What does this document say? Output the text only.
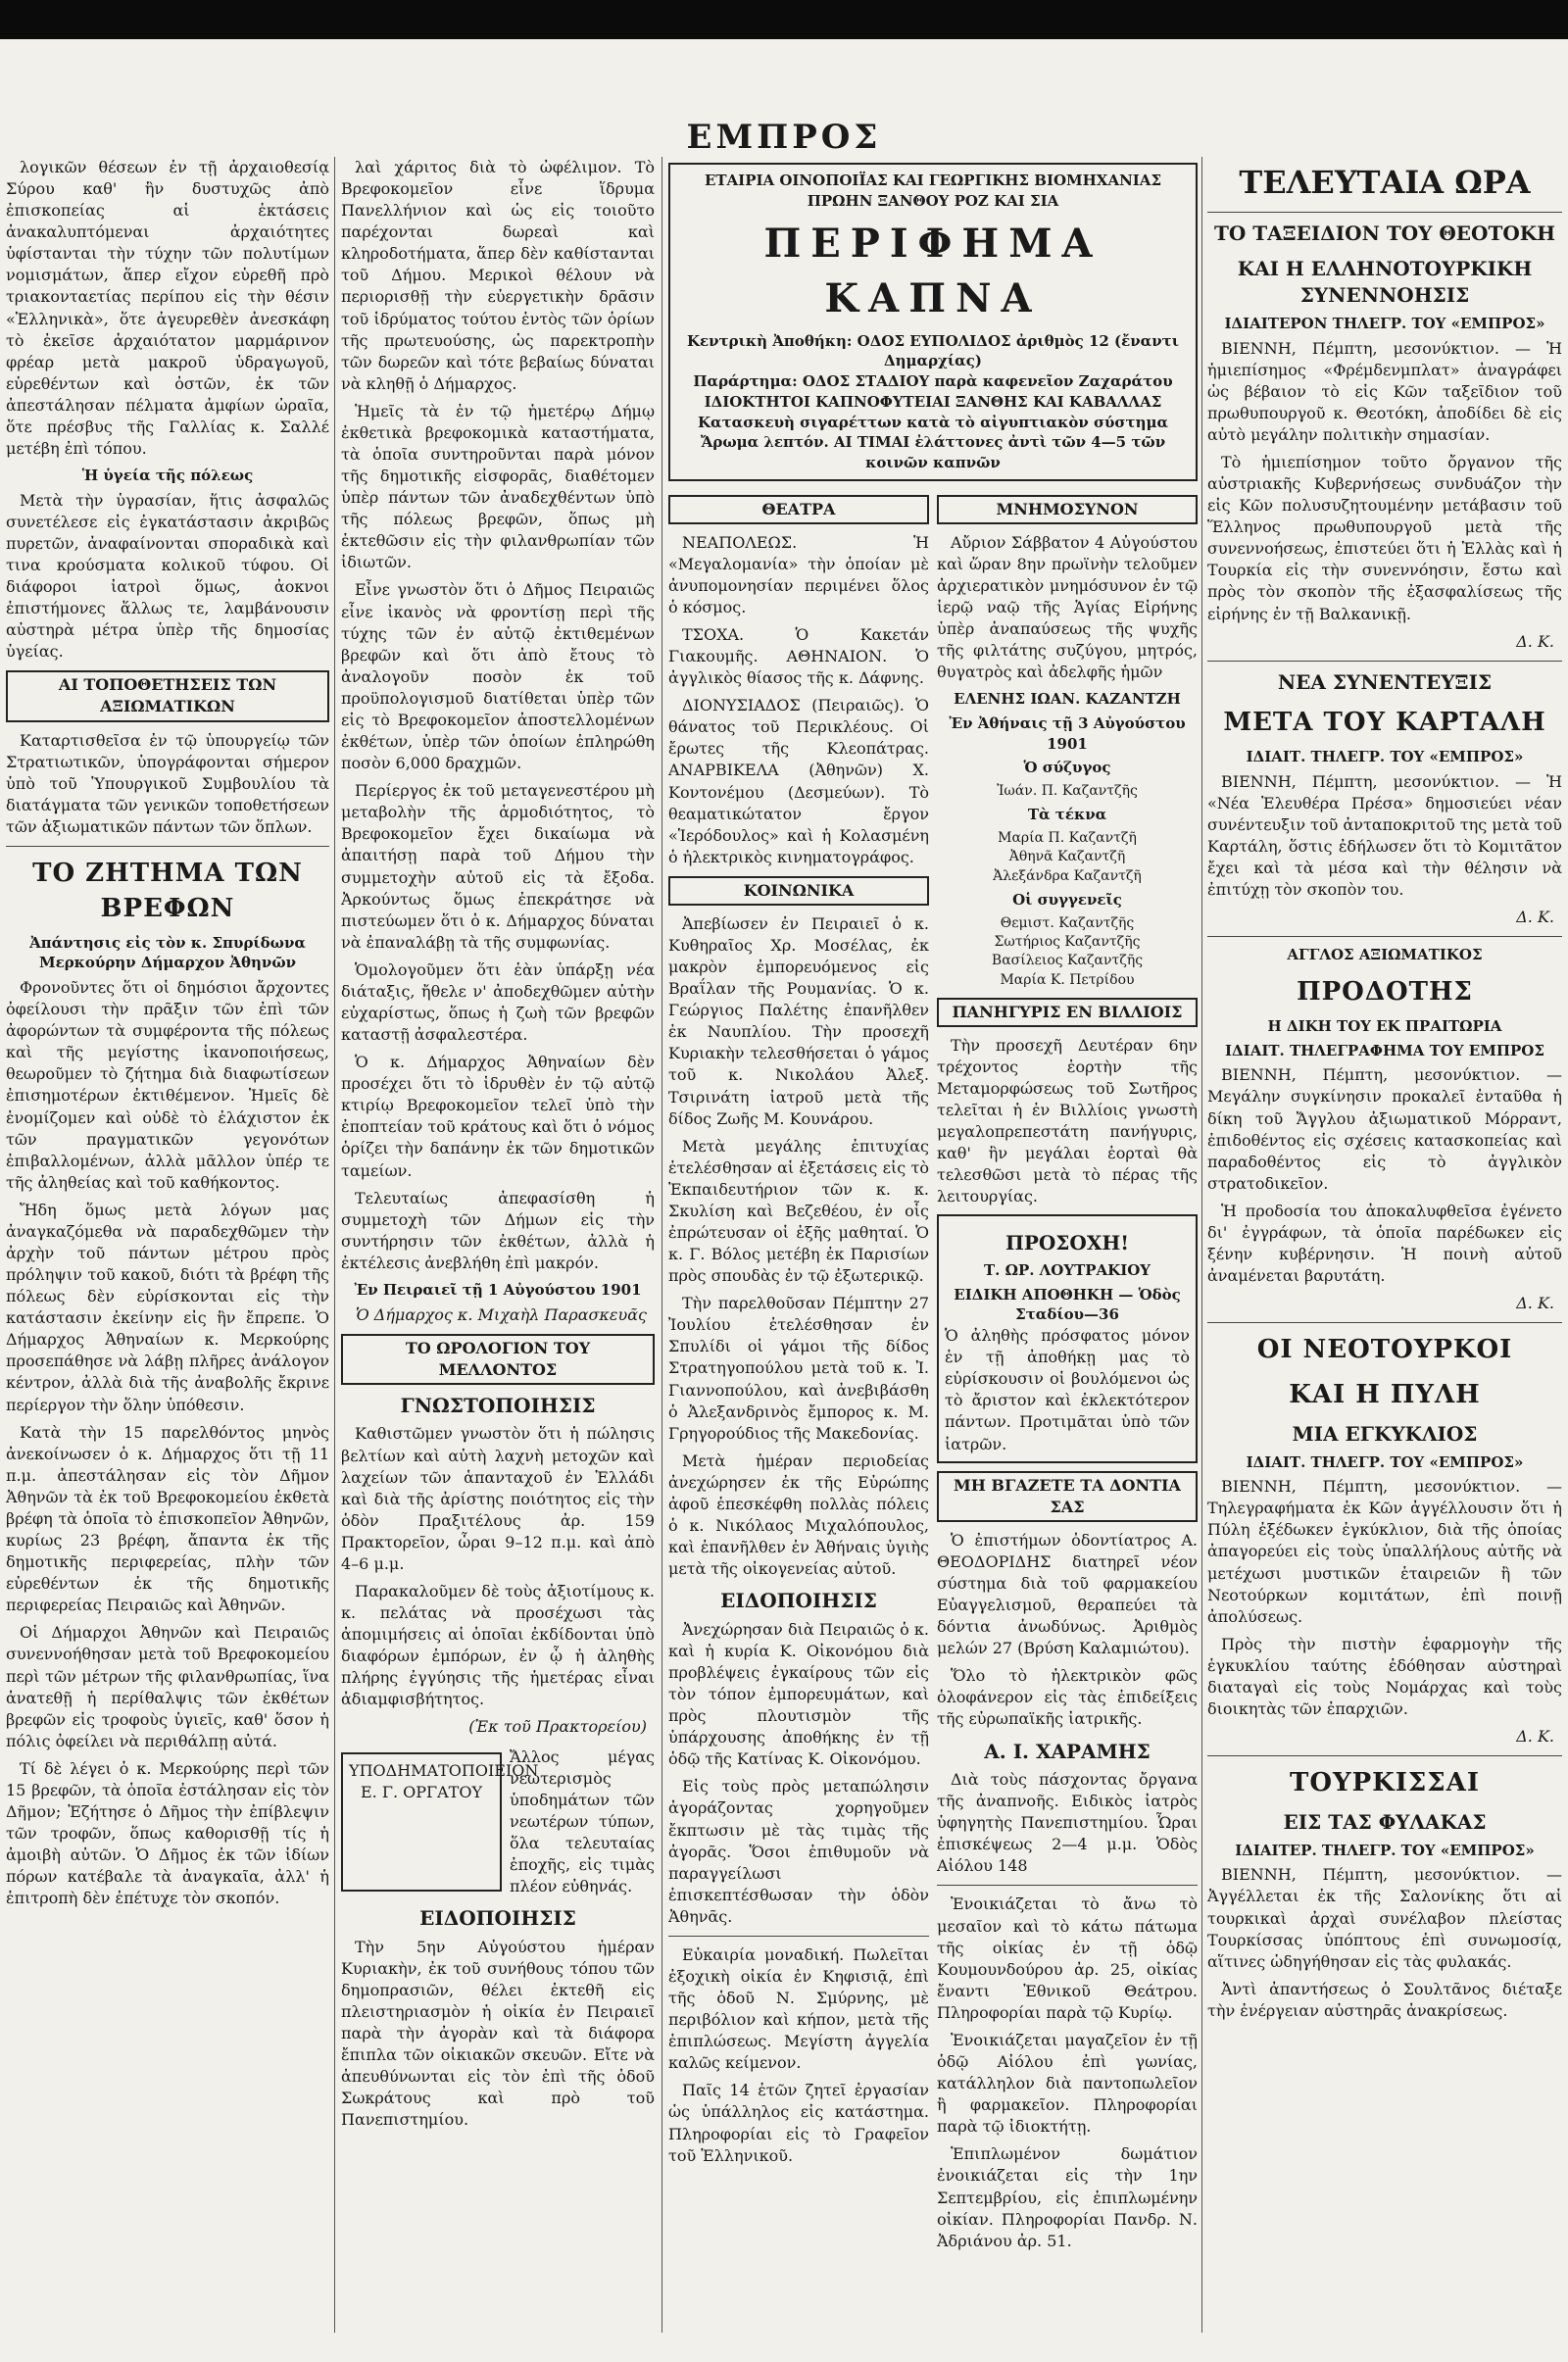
ΕΜΠΡΟΣ

λογικῶν θέσεων ἐν τῇ ἀρχαιοθεσίᾳ Σύρου καθ' ἣν δυστυχῶς ἀπὸ ἐπισκοπείας αἱ ἐκτάσεις ἀνακαλυπτόμεναι ἀρχαιότητες ὑφίστανται τὴν τύχην τῶν πολυτίμων νομισμάτων, ἅπερ εἴχον εὑρεθῆ πρὸ τριακονταετίας περίπου εἰς τὴν θέσιν «Ἑλληνικὰ», ὅτε ἀγευρεθὲν ἀνεσκάφη τὸ ἐκεῖσε ἀρχαιότατον μαρμάρινον φρέαρ μετὰ μακροῦ ὑδραγωγοῦ, εὑρεθέντων καὶ ὀστῶν, ἐκ τῶν ἀπεστάλησαν πέλματα ἀμφίων ὠραῖα, ὅτε πρέσβυς τῆς Γαλλίας κ. Σαλλέ μετέβη ἐπὶ τόπου.

Ἡ ὑγεία τῆς πόλεως

Μετὰ τὴν ὑγρασίαν, ἥτις ἀσφαλῶς συνετέλεσε εἰς ἐγκατάστασιν ἀκριβῶς πυρετῶν, ἀναφαίνονται σποραδικὰ καὶ τινα κρούσματα κολικοῦ τύφου. Οἱ διάφοροι ἰατροὶ ὅμως, ἀοκνοι ἐπιστήμονες ἅλλως τε, λαμβάνουσιν αὐστηρὰ μέτρα ὑπὲρ τῆς δημοσίας ὑγείας.

ΑΙ ΤΟΠΟΘΕΤΗΣΕΙΣ ΤΩΝ ΑΞΙΩΜΑΤΙΚΩΝ

Καταρτισθεῖσα ἐν τῷ ὑπουργείῳ τῶν Στρατιωτικῶν, ὑπογράφονται σήμερον ὑπὸ τοῦ Ὑπουργικοῦ Συμβουλίου τὰ διατάγματα τῶν γενικῶν τοποθετήσεων τῶν ἀξιωματικῶν πάντων τῶν ὅπλων.

ΤΟ ΖΗΤΗΜΑ ΤΩΝ ΒΡΕΦΩΝ
Ἀπάντησις εἰς τὸν κ. Σπυρίδωνα Μερκούρην Δήμαρχον Ἀθηνῶν

Φρονοῦντες ὅτι οἱ δημόσιοι ἄρχοντες ὀφείλουσι τὴν πρᾶξιν τῶν ἐπὶ τῶν ἀφορώντων τὰ συμφέροντα τῆς πόλεως καὶ τῆς μεγίστης ἱκανοποιήσεως, θεωροῦμεν τὸ ζήτημα διὰ διαφωτίσεων ἐπισημοτέρων ἐκτιθέμενον. Ἡμεῖς δὲ ἑνομίζομεν καὶ οὐδὲ τὸ ἐλάχιστον ἐκ τῶν πραγματικῶν γεγονότων ἐπιβαλλομένων, ἀλλὰ μᾶλλον ὑπέρ τε τῆς ἀληθείας καὶ τοῦ καθήκοντος.

Ἤδη ὅμως μετὰ λόγων μας ἀναγκαζόμεθα νὰ παραδεχθῶμεν τὴν ἀρχὴν τοῦ πάντων μέτρου πρὸς πρόληψιν τοῦ κακοῦ, διότι τὰ βρέφη τῆς πόλεως δὲν εὑρίσκονται εἰς τὴν κατάστασιν ἐκείνην εἰς ἣν ἔπρεπε. Ὁ Δήμαρχος Ἀθηναίων κ. Μερκούρης προσεπάθησε νὰ λάβῃ πλῆρες ἀνάλογον κέντρον, ἀλλὰ διὰ τῆς ἀναβολῆς ἔκρινε περίεργον τὴν ὅλην ὑπόθεσιν.

Κατὰ τὴν 15 παρελθόντος μηνὸς ἀνεκοίνωσεν ὁ κ. Δήμαρχος ὅτι τῇ 11 π.μ. ἀπεστάλησαν εἰς τὸν Δῆμον Ἀθηνῶν τὰ ἐκ τοῦ Βρεφοκομείου ἐκθετὰ βρέφη τὰ ὁποῖα τὸ ἐπισκοπεῖον Ἀθηνῶν, κυρίως 23 βρέφη, ἄπαντα ἐκ τῆς δημοτικῆς περιφερείας, πλὴν τῶν εὑρεθέντων ἐκ τῆς δημοτικῆς περιφερείας Πειραιῶς καὶ Ἀθηνῶν.

Οἱ Δήμαρχοι Ἀθηνῶν καὶ Πειραιῶς συνεννοήθησαν μετὰ τοῦ Βρεφοκομείου περὶ τῶν μέτρων τῆς φιλανθρωπίας, ἵνα ἀνατεθῇ ἡ περίθαλψις τῶν ἐκθέτων βρεφῶν εἰς τροφοὺς ὑγιεῖς, καθ' ὅσον ἡ πόλις ὀφείλει νὰ περιθάλπῃ αὐτά.

Τί δὲ λέγει ὁ κ. Μερκούρης περὶ τῶν 15 βρεφῶν, τὰ ὁποῖα ἐστάλησαν εἰς τὸν Δῆμον; Ἐζήτησε ὁ Δῆμος τὴν ἐπίβλεψιν τῶν τροφῶν, ὅπως καθορισθῇ τίς ἡ ἀμοιβὴ αὐτῶν. Ὁ Δῆμος ἐκ τῶν ἰδίων πόρων κατέβαλε τὰ ἀναγκαῖα, ἀλλ' ἡ ἐπιτροπὴ δὲν ἐπέτυχε τὸν σκοπόν.

λαὶ χάριτος διὰ τὸ ὠφέλιμον. Τὸ Βρεφοκομεῖον εἶνε ἵδρυμα Πανελλήνιον καὶ ὡς εἰς τοιοῦτο παρέχονται δωρεαὶ καὶ κληροδοτήματα, ἅπερ δὲν καθίστανται τοῦ Δήμου. Μερικοὶ θέλουν νὰ περιορισθῇ τὴν εὐεργετικὴν δρᾶσιν τοῦ ἱδρύματος τούτου ἐντὸς τῶν ὁρίων τῆς πρωτευούσης, ὡς παρεκτροπὴν τῶν δωρεῶν καὶ τότε βεβαίως δύναται νὰ κληθῇ ὁ Δήμαρχος.

Ἡμεῖς τὰ ἐν τῷ ἡμετέρῳ Δήμῳ ἐκθετικὰ βρεφοκομικὰ καταστήματα, τὰ ὁποῖα συντηροῦνται παρὰ μόνον τῆς δημοτικῆς εἰσφορᾶς, διαθέτομεν ὑπὲρ πάντων τῶν ἀναδεχθέντων ὑπὸ τῆς πόλεως βρεφῶν, ὅπως μὴ ἐκτεθῶσιν εἰς τὴν φιλανθρωπίαν τῶν ἰδιωτῶν.

Εἶνε γνωστὸν ὅτι ὁ Δῆμος Πειραιῶς εἶνε ἰκανὸς νὰ φροντίσῃ περὶ τῆς τύχης τῶν ἐν αὐτῷ ἐκτιθεμένων βρεφῶν καὶ ὅτι ἀπὸ ἔτους τὸ ἀναλογοῦν ποσὸν ἐκ τοῦ προϋπολογισμοῦ διατίθεται ὑπὲρ τῶν εἰς τὸ Βρεφοκομεῖον ἀποστελλομένων ἐκθέτων, ὑπὲρ τῶν ὁποίων ἐπληρώθη ποσὸν 6,000 δραχμῶν.

Περίεργος ἐκ τοῦ μεταγενεστέρου μὴ μεταβολὴν τῆς ἁρμοδιότητος, τὸ Βρεφοκομεῖον ἔχει δικαίωμα νὰ ἀπαιτήσῃ παρὰ τοῦ Δήμου τὴν συμμετοχὴν αὐτοῦ εἰς τὰ ἔξοδα. Ἀρκούντως ὅμως ἐπεκράτησε νὰ πιστεύωμεν ὅτι ὁ κ. Δήμαρχος δύναται νὰ ἐπαναλάβῃ τὰ τῆς συμφωνίας.

Ὁμολογοῦμεν ὅτι ἐὰν ὑπάρξῃ νέα διάταξις, ἤθελε ν' ἀποδεχθῶμεν αὐτὴν εὐχαρίστως, ὅπως ἡ ζωὴ τῶν βρεφῶν καταστῇ ἀσφαλεστέρα.

Ὁ κ. Δήμαρχος Ἀθηναίων δὲν προσέχει ὅτι τὸ ἱδρυθὲν ἐν τῷ αὐτῷ κτιρίῳ Βρεφοκομεῖον τελεῖ ὑπὸ τὴν ἐποπτείαν τοῦ κράτους καὶ ὅτι ὁ νόμος ὁρίζει τὴν δαπάνην ἐκ τῶν δημοτικῶν ταμείων.

Τελευταίως ἀπεφασίσθη ἡ συμμετοχὴ τῶν Δήμων εἰς τὴν συντήρησιν τῶν ἐκθέτων, ἀλλὰ ἡ ἐκτέλεσις ἀνεβλήθη ἐπὶ μακρόν.

Ἐν Πειραιεῖ τῇ 1 Αὐγούστου 1901
Ὁ Δήμαρχος κ. Μιχαὴλ Παρασκευᾶς
ΤΟ ΩΡΟΛΟΓΙΟΝ ΤΟΥ ΜΕΛΛΟΝΤΟΣ
ΓΝΩΣΤΟΠΟΙΗΣΙΣ

Καθιστῶμεν γνωστὸν ὅτι ἡ πώλησις βελτίων καὶ αὐτὴ λαχνὴ μετοχῶν καὶ λαχείων τῶν ἁπανταχοῦ ἐν Ἑλλάδι καὶ διὰ τῆς ἀρίστης ποιότητος εἰς τὴν ὁδὸν Πραξιτέλους ἀρ. 159 Πρακτορεῖον, ὧραι 9–12 π.μ. καὶ ἀπὸ 4–6 μ.μ.

Παρακαλοῦμεν δὲ τοὺς ἀξιοτίμους κ. κ. πελάτας νὰ προσέχωσι τὰς ἀπομιμήσεις αἱ ὁποῖαι ἐκδίδονται ὑπὸ διαφόρων ἐμπόρων, ἐν ᾧ ἡ ἀληθὴς πλήρης ἐγγύησις τῆς ἡμετέρας εἶναι ἀδιαμφισβήτητος.

(Ἐκ τοῦ Πρακτορείου)
ΥΠΟΔΗΜΑΤΟΠΟΙΕΙΟΝ Ε. Γ. ΟΡΓΑΤΟΥ
Ἄλλος μέγας νεωτερισμὸς ὑποδημάτων τῶν νεωτέρων τύπων, ὅλα τελευταίας ἐποχῆς, εἰς τιμὰς πλέον εὐθηνάς.
ΕΙΔΟΠΟΙΗΣΙΣ

Τὴν 5ην Αὐγούστου ἡμέραν Κυριακὴν, ἐκ τοῦ συνήθους τόπου τῶν δημοπρασιῶν, θέλει ἐκτεθῆ εἰς πλειστηριασμὸν ἡ οἰκία ἐν Πειραιεῖ παρὰ τὴν ἀγορὰν καὶ τὰ διάφορα ἔπιπλα τῶν οἰκιακῶν σκευῶν. Εἴτε νὰ ἀπευθύνωνται εἰς τὸν ἐπὶ τῆς ὁδοῦ Σωκράτους καὶ πρὸ τοῦ Πανεπιστημίου.

ΕΤΑΙΡΙΑ ΟΙΝΟΠΟΙΪΑΣ ΚΑΙ ΓΕΩΡΓΙΚΗΣ ΒΙΟΜΗΧΑΝΙΑΣ
ΠΡΩΗΝ ΞΑΝΘΟΥ ΡΟΖ ΚΑΙ ΣΙΑ
ΠΕΡΙΦΗΜΑ ΚΑΠΝΑ
Κεντρικὴ Ἀποθήκη: ΟΔΟΣ ΕΥΠΟΛΙΔΟΣ ἀριθμὸς 12 (ἔναντι Δημαρχίας)
Παράρτημα: ΟΔΟΣ ΣΤΑΔΙΟΥ παρὰ καφενεῖον Ζαχαράτου
ΙΔΙΟΚΤΗΤΟΙ ΚΑΠΝΟΦΥΤΕΙΑΙ ΞΑΝΘΗΣ ΚΑΙ ΚΑΒΑΛΛΑΣ
Κατασκευὴ σιγαρέττων κατὰ τὸ αἰγυπτιακὸν σύστημα
Ἄρωμα λεπτόν. ΑΙ ΤΙΜΑΙ ἐλάττονες ἀντὶ τῶν 4—5 τῶν κοινῶν καπνῶν
ΘΕΑΤΡΑ

ΝΕΑΠΟΛΕΩΣ. Ἡ «Μεγαλομανία» τὴν ὁποίαν μὲ ἀνυπομονησίαν περιμένει ὅλος ὁ κόσμος.

ΤΣΟΧΑ. Ὁ Κακετάν Γιακουμῆς. ΑΘΗΝΑΙΟΝ. Ὁ ἀγγλικὸς θίασος τῆς κ. Δάφνης.

ΔΙΟΝΥΣΙΑΔΟΣ (Πειραιῶς). Ὁ θάνατος τοῦ Περικλέους. Οἱ ἔρωτες τῆς Κλεοπάτρας. ΑΝΑΡΒΙΚΕΛΑ (Ἀθηνῶν) Χ. Κοντονέμου (Δεσμεύων). Τὸ θεαματικώτατον ἔργον «Ἱερόδουλος» καὶ ἡ Κολασμένη ὁ ἠλεκτρικὸς κινηματογράφος.

ΚΟΙΝΩΝΙΚΑ

Ἀπεβίωσεν ἐν Πειραιεῖ ὁ κ. Κυθηραῖος Χρ. Μοσέλας, ἐκ μακρὸν ἐμπορευόμενος εἰς Βραΐλαν τῆς Ρουμανίας. Ὁ κ. Γεώργιος Παλέτης ἐπανῆλθεν ἐκ Ναυπλίου. Τὴν προσεχῆ Κυριακὴν τελεσθήσεται ὁ γάμος τοῦ κ. Νικολάου Ἀλεξ. Τσιρινάτη ἰατροῦ μετὰ τῆς δίδος Ζωῆς Μ. Κουνάρου.

Μετὰ μεγάλης ἐπιτυχίας ἐτελέσθησαν αἱ ἐξετάσεις εἰς τὸ Ἐκπαιδευτήριον τῶν κ. κ. Σκυλίση καὶ Βεζεθέου, ἐν οἷς ἐπρώτευσαν οἱ ἑξῆς μαθηταί. Ὁ κ. Γ. Βόλος μετέβη ἐκ Παρισίων πρὸς σπουδὰς ἐν τῷ ἐξωτερικῷ.

Τὴν παρελθοῦσαν Πέμπτην 27 Ἰουλίου ἐτελέσθησαν ἐν Σπυλίδι οἱ γάμοι τῆς δίδος Στρατηγοπούλου μετὰ τοῦ κ. Ἰ. Γιαννοπούλου, καὶ ἀνεβιβάσθη ὁ Ἀλεξανδρινὸς ἔμπορος κ. Μ. Γρηγορούδιος τῆς Μακεδονίας.

Μετὰ ἡμέραν περιοδείας ἀνεχώρησεν ἐκ τῆς Εὐρώπης ἀφοῦ ἐπεσκέφθη πολλὰς πόλεις ὁ κ. Νικόλαος Μιχαλόπουλος, καὶ ἐπανῆλθεν ἐν Ἀθήναις ὑγιὴς μετὰ τῆς οἰκογενείας αὐτοῦ.

ΕΙΔΟΠΟΙΗΣΙΣ

Ἀνεχώρησαν διὰ Πειραιῶς ὁ κ. καὶ ἡ κυρία Κ. Οἰκονόμου διὰ προβλέψεις ἐγκαίρους τῶν εἰς τὸν τόπον ἐμπορευμάτων, καὶ πρὸς πλουτισμὸν τῆς ὑπάρχουσης ἀποθήκης ἐν τῇ ὁδῷ τῆς Κατίνας Κ. Οἰκονόμου.

Εἰς τοὺς πρὸς μεταπώλησιν ἀγοράζοντας χορηγοῦμεν ἔκπτωσιν μὲ τὰς τιμὰς τῆς ἀγορᾶς. Ὅσοι ἐπιθυμοῦν νὰ παραγγείλωσι ἐπισκεπτέσθωσαν τὴν ὁδὸν Ἀθηνᾶς.

Εὐκαιρία μοναδική. Πωλεῖται ἐξοχικὴ οἰκία ἐν Κηφισιᾷ, ἐπὶ τῆς ὁδοῦ Ν. Σμύρνης, μὲ περιβόλιον καὶ κήπον, μετὰ τῆς ἐπιπλώσεως. Μεγίστη ἀγγελία καλῶς κείμενον.

Παῖς 14 ἐτῶν ζητεῖ ἐργασίαν ὡς ὑπάλληλος εἰς κατάστημα. Πληροφορίαι εἰς τὸ Γραφεῖον τοῦ Ἑλληνικοῦ.

ΜΝΗΜΟΣΥΝΟΝ

Αὔριον Σάββατον 4 Αὐγούστου καὶ ὥραν 8ην πρωϊνὴν τελοῦμεν ἀρχιερατικὸν μνημόσυνον ἐν τῷ ἱερῷ ναῷ τῆς Ἁγίας Εἰρήνης ὑπὲρ ἀναπαύσεως τῆς ψυχῆς τῆς φιλτάτης συζύγου, μητρός, θυγατρὸς καὶ ἀδελφῆς ἡμῶν

ΕΛΕΝΗΣ ΙΩΑΝ. ΚΑΖΑΝΤΖΗ
Ἐν Ἀθήναις τῇ 3 Αὐγούστου 1901
Ὁ σύζυγος
Ἰωάν. Π. Καζαντζῆς
Τὰ τέκνα
Μαρία Π. Καζαντζῆ
Ἀθηνᾶ Καζαντζῆ
Ἀλεξάνδρα Καζαντζῆ
Οἱ συγγενεῖς
Θεμιστ. Καζαντζῆς
Σωτήριος Καζαντζῆς
Βασίλειος Καζαντζῆς
Μαρία Κ. Πετρίδου
ΠΑΝΗΓΥΡΙΣ ΕΝ ΒΙΛΛΙΟΙΣ

Τὴν προσεχῆ Δευτέραν 6ην τρέχοντος ἑορτὴν τῆς Μεταμορφώσεως τοῦ Σωτῆρος τελεῖται ἡ ἐν Βιλλίοις γνωστὴ μεγαλοπρεπεστάτη πανήγυρις, καθ' ἣν μεγάλαι ἑορταὶ θὰ τελεσθῶσι μετὰ τὸ πέρας τῆς λειτουργίας.

ΠΡΟΣΟΧΗ!
Τ. ΩΡ. ΛΟΥΤΡΑΚΙΟΥ
ΕΙΔΙΚΗ ΑΠΟΘΗΚΗ — Ὁδὸς Σταδίου—36
Ὁ ἀληθὴς πρόσφατος μόνον ἐν τῇ ἀποθήκῃ μας τὸ εὑρίσκουσιν οἱ βουλόμενοι ὡς τὸ ἄριστον καὶ ἐκλεκτότερον πάντων. Προτιμᾶται ὑπὸ τῶν ἰατρῶν.
ΜΗ ΒΓΑΖΕΤΕ ΤΑ ΔΟΝΤΙΑ ΣΑΣ

Ὁ ἐπιστήμων ὀδοντίατρος Α. ΘΕΟΔΟΡΙΔΗΣ διατηρεῖ νέον σύστημα διὰ τοῦ φαρμακείου Εὐαγγελισμοῦ, θεραπεύει τὰ δόντια ἀνωδύνως. Ἀριθμὸς μελών 27 (Βρύση Καλαμιώτου).

Ὅλο τὸ ἠλεκτρικὸν φῶς ὁλοφάνερον εἰς τὰς ἐπιδείξεις τῆς εὐρωπαϊκῆς ἰατρικῆς.

Α. Ι. ΧΑΡΑΜΗΣ

Διὰ τοὺς πάσχοντας ὄργανα τῆς ἀναπνοῆς. Ειδικὸς ἰατρὸς ὑφηγητὴς Πανεπιστημίου. Ὧραι ἐπισκέψεως 2—4 μ.μ. Ὁδὸς Αἰόλου 148

Ἐνοικιάζεται τὸ ἄνω τὸ μεσαῖον καὶ τὸ κάτω πάτωμα τῆς οἰκίας ἐν τῇ ὁδῷ Κουμουνδούρου ἀρ. 25, οἰκίας ἔναντι Ἐθνικοῦ Θεάτρου. Πληροφορίαι παρὰ τῷ Κυρίῳ.

Ἐνοικιάζεται μαγαζεῖον ἐν τῇ ὁδῷ Αἰόλου ἐπὶ γωνίας, κατάλληλον διὰ παντοπωλεῖον ἢ φαρμακεῖον. Πληροφορίαι παρὰ τῷ ἰδιοκτήτῃ.

Ἐπιπλωμένον δωμάτιον ἐνοικιάζεται εἰς τὴν 1ην Σεπτεμβρίου, εἰς ἐπιπλωμένην οἰκίαν. Πληροφορίαι Πανδρ. Ν. Ἀδριάνου ἀρ. 51.

ΤΕΛΕΥΤΑΙΑ ΩΡΑ
ΤΟ ΤΑΞΕΙΔΙΟΝ ΤΟΥ ΘΕΟΤΟΚΗ
ΚΑΙ Η ΕΛΛΗΝΟΤΟΥΡΚΙΚΗ ΣΥΝΕΝΝΟΗΣΙΣ
ΙΔΙΑΙΤΕΡΟΝ ΤΗΛΕΓΡ. ΤΟΥ «ΕΜΠΡΟΣ»

ΒΙΕΝΝΗ, Πέμπτη, μεσονύκτιον. — Ἡ ἡμιεπίσημος «Φρέμδενμπλατ» ἀναγράφει ὡς βέβαιον τὸ εἰς Κῶν ταξεῖδιον τοῦ πρωθυπουργοῦ κ. Θεοτόκη, ἀποδίδει δὲ εἰς αὐτὸ μεγάλην πολιτικὴν σημασίαν.

Τὸ ἡμιεπίσημον τοῦτο ὄργανον τῆς αὐστριακῆς Κυβερνήσεως συνδυάζον τὴν εἰς Κῶν πολυσυζητουμένην μετάβασιν τοῦ Ἕλληνος πρωθυπουργοῦ μετὰ τῆς συνεννοήσεως, ἐπιστεύει ὅτι ἡ Ἑλλὰς καὶ ἡ Τουρκία εἰς τὴν συνεννόησιν, ἔστω καὶ πρὸς τὸν σκοπὸν τῆς ἐξασφαλίσεως τῆς εἰρήνης ἐν τῇ Βαλκανικῇ.

Δ. Κ.
ΝΕΑ ΣΥΝΕΝΤΕΥΞΙΣ
ΜΕΤΑ ΤΟΥ ΚΑΡΤΑΛΗ
ΙΔΙΑΙΤ. ΤΗΛΕΓΡ. ΤΟΥ «ΕΜΠΡΟΣ»

ΒΙΕΝΝΗ, Πέμπτη, μεσονύκτιον. — Ἡ «Νέα Ἐλευθέρα Πρέσα» δημοσιεύει νέαν συνέντευξιν τοῦ ἀνταποκριτοῦ της μετὰ τοῦ Καρτάλη, ὅστις ἐδήλωσεν ὅτι τὸ Κομιτᾶτον ἔχει καὶ τὰ μέσα καὶ τὴν θέλησιν νὰ ἐπιτύχῃ τὸν σκοπὸν του.

Δ. Κ.
ΑΓΓΛΟΣ ΑΞΙΩΜΑΤΙΚΟΣ
ΠΡΟΔΟΤΗΣ
Η ΔΙΚΗ ΤΟΥ ΕΚ ΠΡΑΙΤΩΡΙΑ
ΙΔΙΑΙΤ. ΤΗΛΕΓΡΑΦΗΜΑ ΤΟΥ ΕΜΠΡΟΣ

ΒΙΕΝΝΗ, Πέμπτη, μεσονύκτιον. — Μεγάλην συγκίνησιν προκαλεῖ ἐνταῦθα ἡ δίκη τοῦ Ἄγγλου ἀξιωματικοῦ Μόρραντ, ἐπιδοθέντος εἰς σχέσεις κατασκοπείας καὶ παραδοθέντος εἰς τὸ ἀγγλικὸν στρατοδικεῖον.

Ἡ προδοσία του ἀποκαλυφθεῖσα ἐγένετο δι' ἐγγράφων, τὰ ὁποῖα παρέδωκεν εἰς ξένην κυβέρνησιν. Ἡ ποινὴ αὐτοῦ ἀναμένεται βαρυτάτη.

Δ. Κ.
ΟΙ ΝΕΟΤΟΥΡΚΟΙ
ΚΑΙ Η ΠΥΛΗ
ΜΙΑ ΕΓΚΥΚΛΙΟΣ
ΙΔΙΑΙΤ. ΤΗΛΕΓΡ. ΤΟΥ «ΕΜΠΡΟΣ»

ΒΙΕΝΝΗ, Πέμπτη, μεσονύκτιον. — Τηλεγραφήματα ἐκ Κῶν ἀγγέλλουσιν ὅτι ἡ Πύλη ἐξέδωκεν ἐγκύκλιον, διὰ τῆς ὁποίας ἀπαγορεύει εἰς τοὺς ὑπαλλήλους αὐτῆς νὰ μετέχωσι μυστικῶν ἑταιρειῶν ἢ τῶν Νεοτούρκων κομιτάτων, ἐπὶ ποινῇ ἀπολύσεως.

Πρὸς τὴν πιστὴν ἐφαρμογὴν τῆς ἐγκυκλίου ταύτης ἐδόθησαν αὐστηραὶ διαταγαὶ εἰς τοὺς Νομάρχας καὶ τοὺς διοικητὰς τῶν ἐπαρχιῶν.

Δ. Κ.
ΤΟΥΡΚΙΣΣΑΙ
ΕΙΣ ΤΑΣ ΦΥΛΑΚΑΣ
ΙΔΙΑΙΤΕΡ. ΤΗΛΕΓΡ. ΤΟΥ «ΕΜΠΡΟΣ»

ΒΙΕΝΝΗ, Πέμπτη, μεσονύκτιον. — Ἀγγέλλεται ἐκ τῆς Σαλονίκης ὅτι αἱ τουρκικαὶ ἀρχαὶ συνέλαβον πλείστας Τουρκίσσας ὑπόπτους ἐπὶ συνωμοσίᾳ, αἵτινες ὡδηγήθησαν εἰς τὰς φυλακάς.

Ἀντὶ ἀπαντήσεως ὁ Σουλτᾶνος διέταξε τὴν ἐνέργειαν αὐστηρᾶς ἀνακρίσεως.
